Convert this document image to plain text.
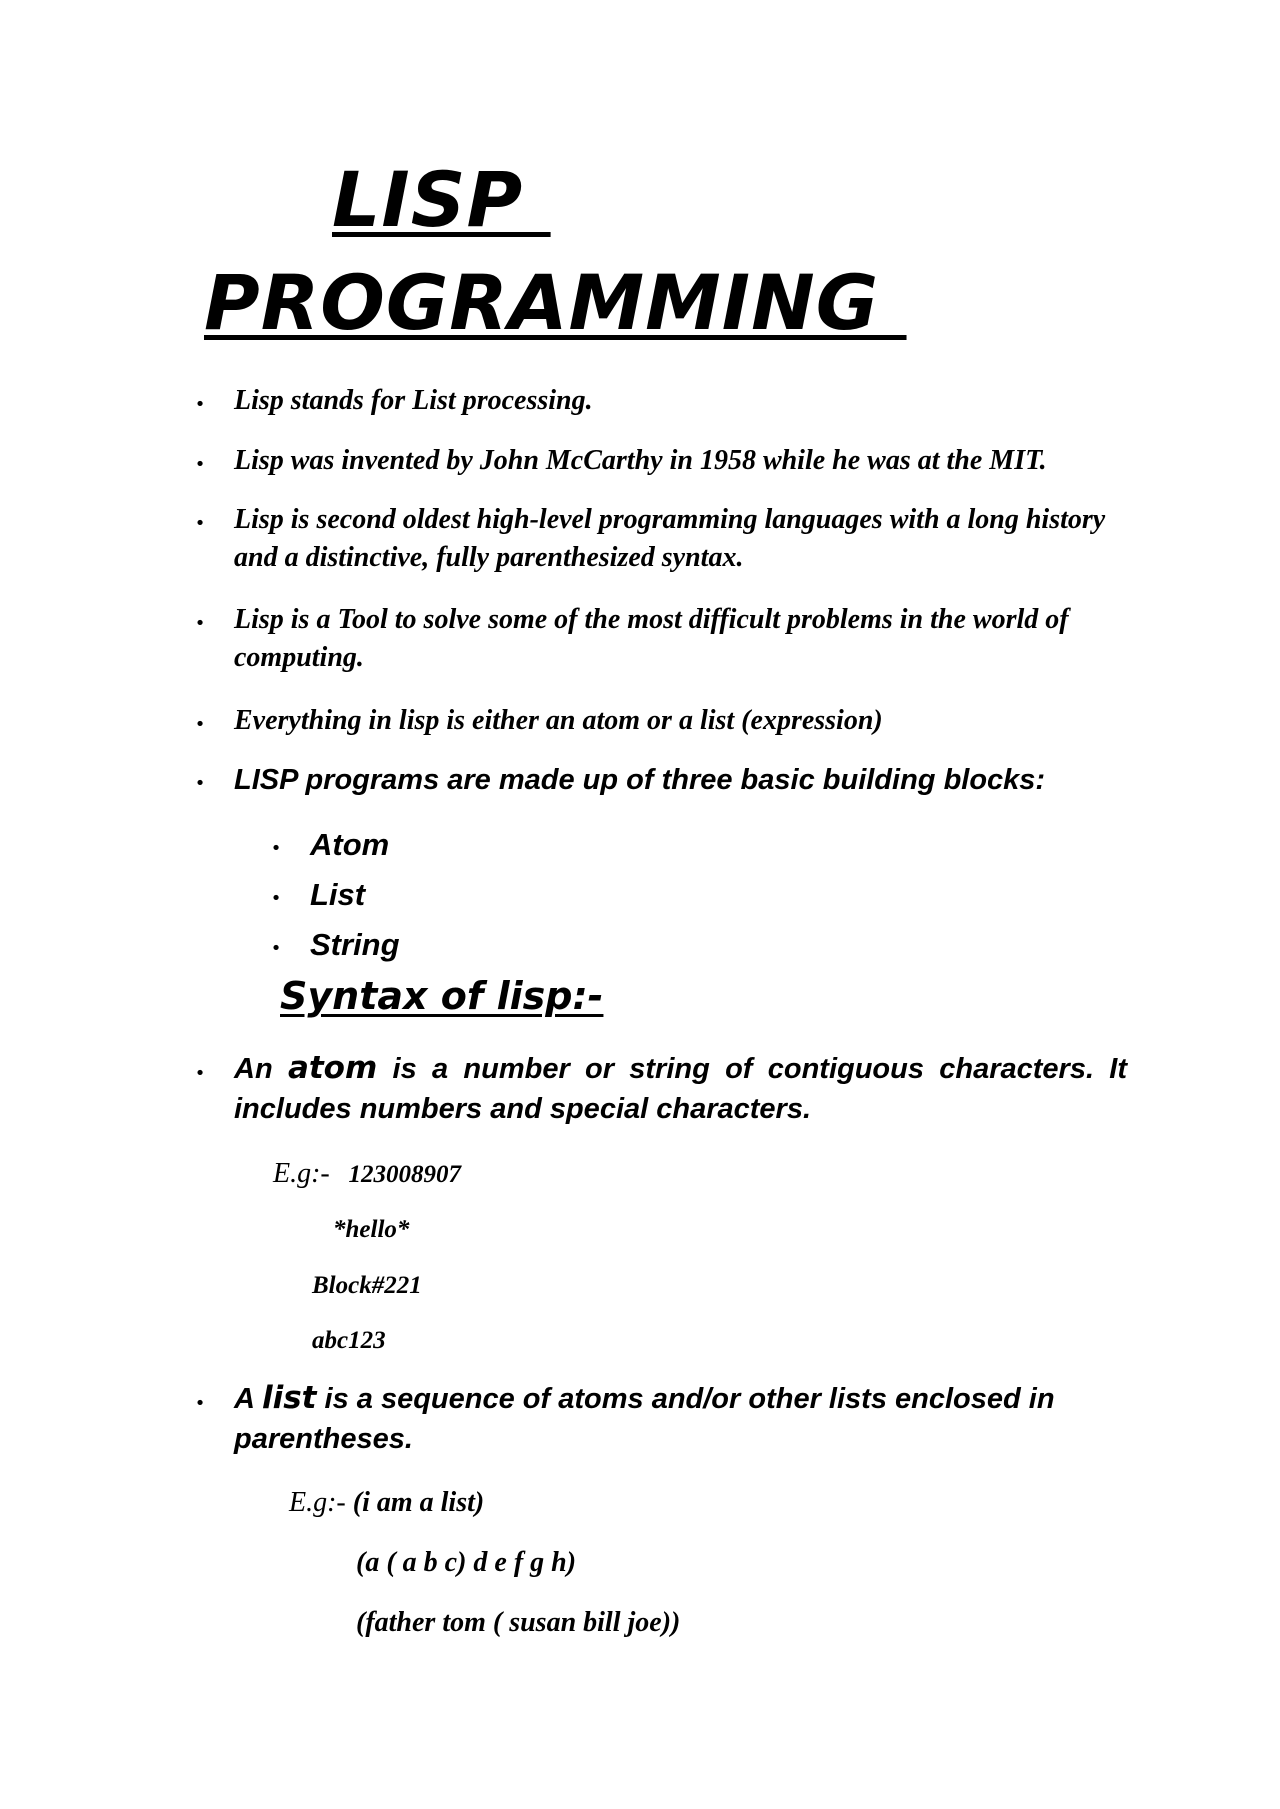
LISP
PROGRAMMING
• Lisp stands for List processing.

• Lisp was invented by John McCarthy in 1958 while he was at the MIT.

• Lisp is second oldest high-level programming languages with a long history and a distinctive, fully parenthesized syntax.

• Lisp is a Tool to solve some of the most difficult problems in the world of computing.

• Everything in lisp is either an atom or a list (expression)

• LISP programs are made up of three basic building blocks:

• Atom

• List

• String

Syntax of lisp:-
• An atom is a number or string of contiguous characters. It includes numbers and special characters.

E.g:- 123008907

*hello*

Block#221

abc123

• A list is a sequence of atoms and/or other lists enclosed in parentheses.

E.g:- (i am a list)

(a ( a b c) d e f g h)

(father tom ( susan bill joe))
